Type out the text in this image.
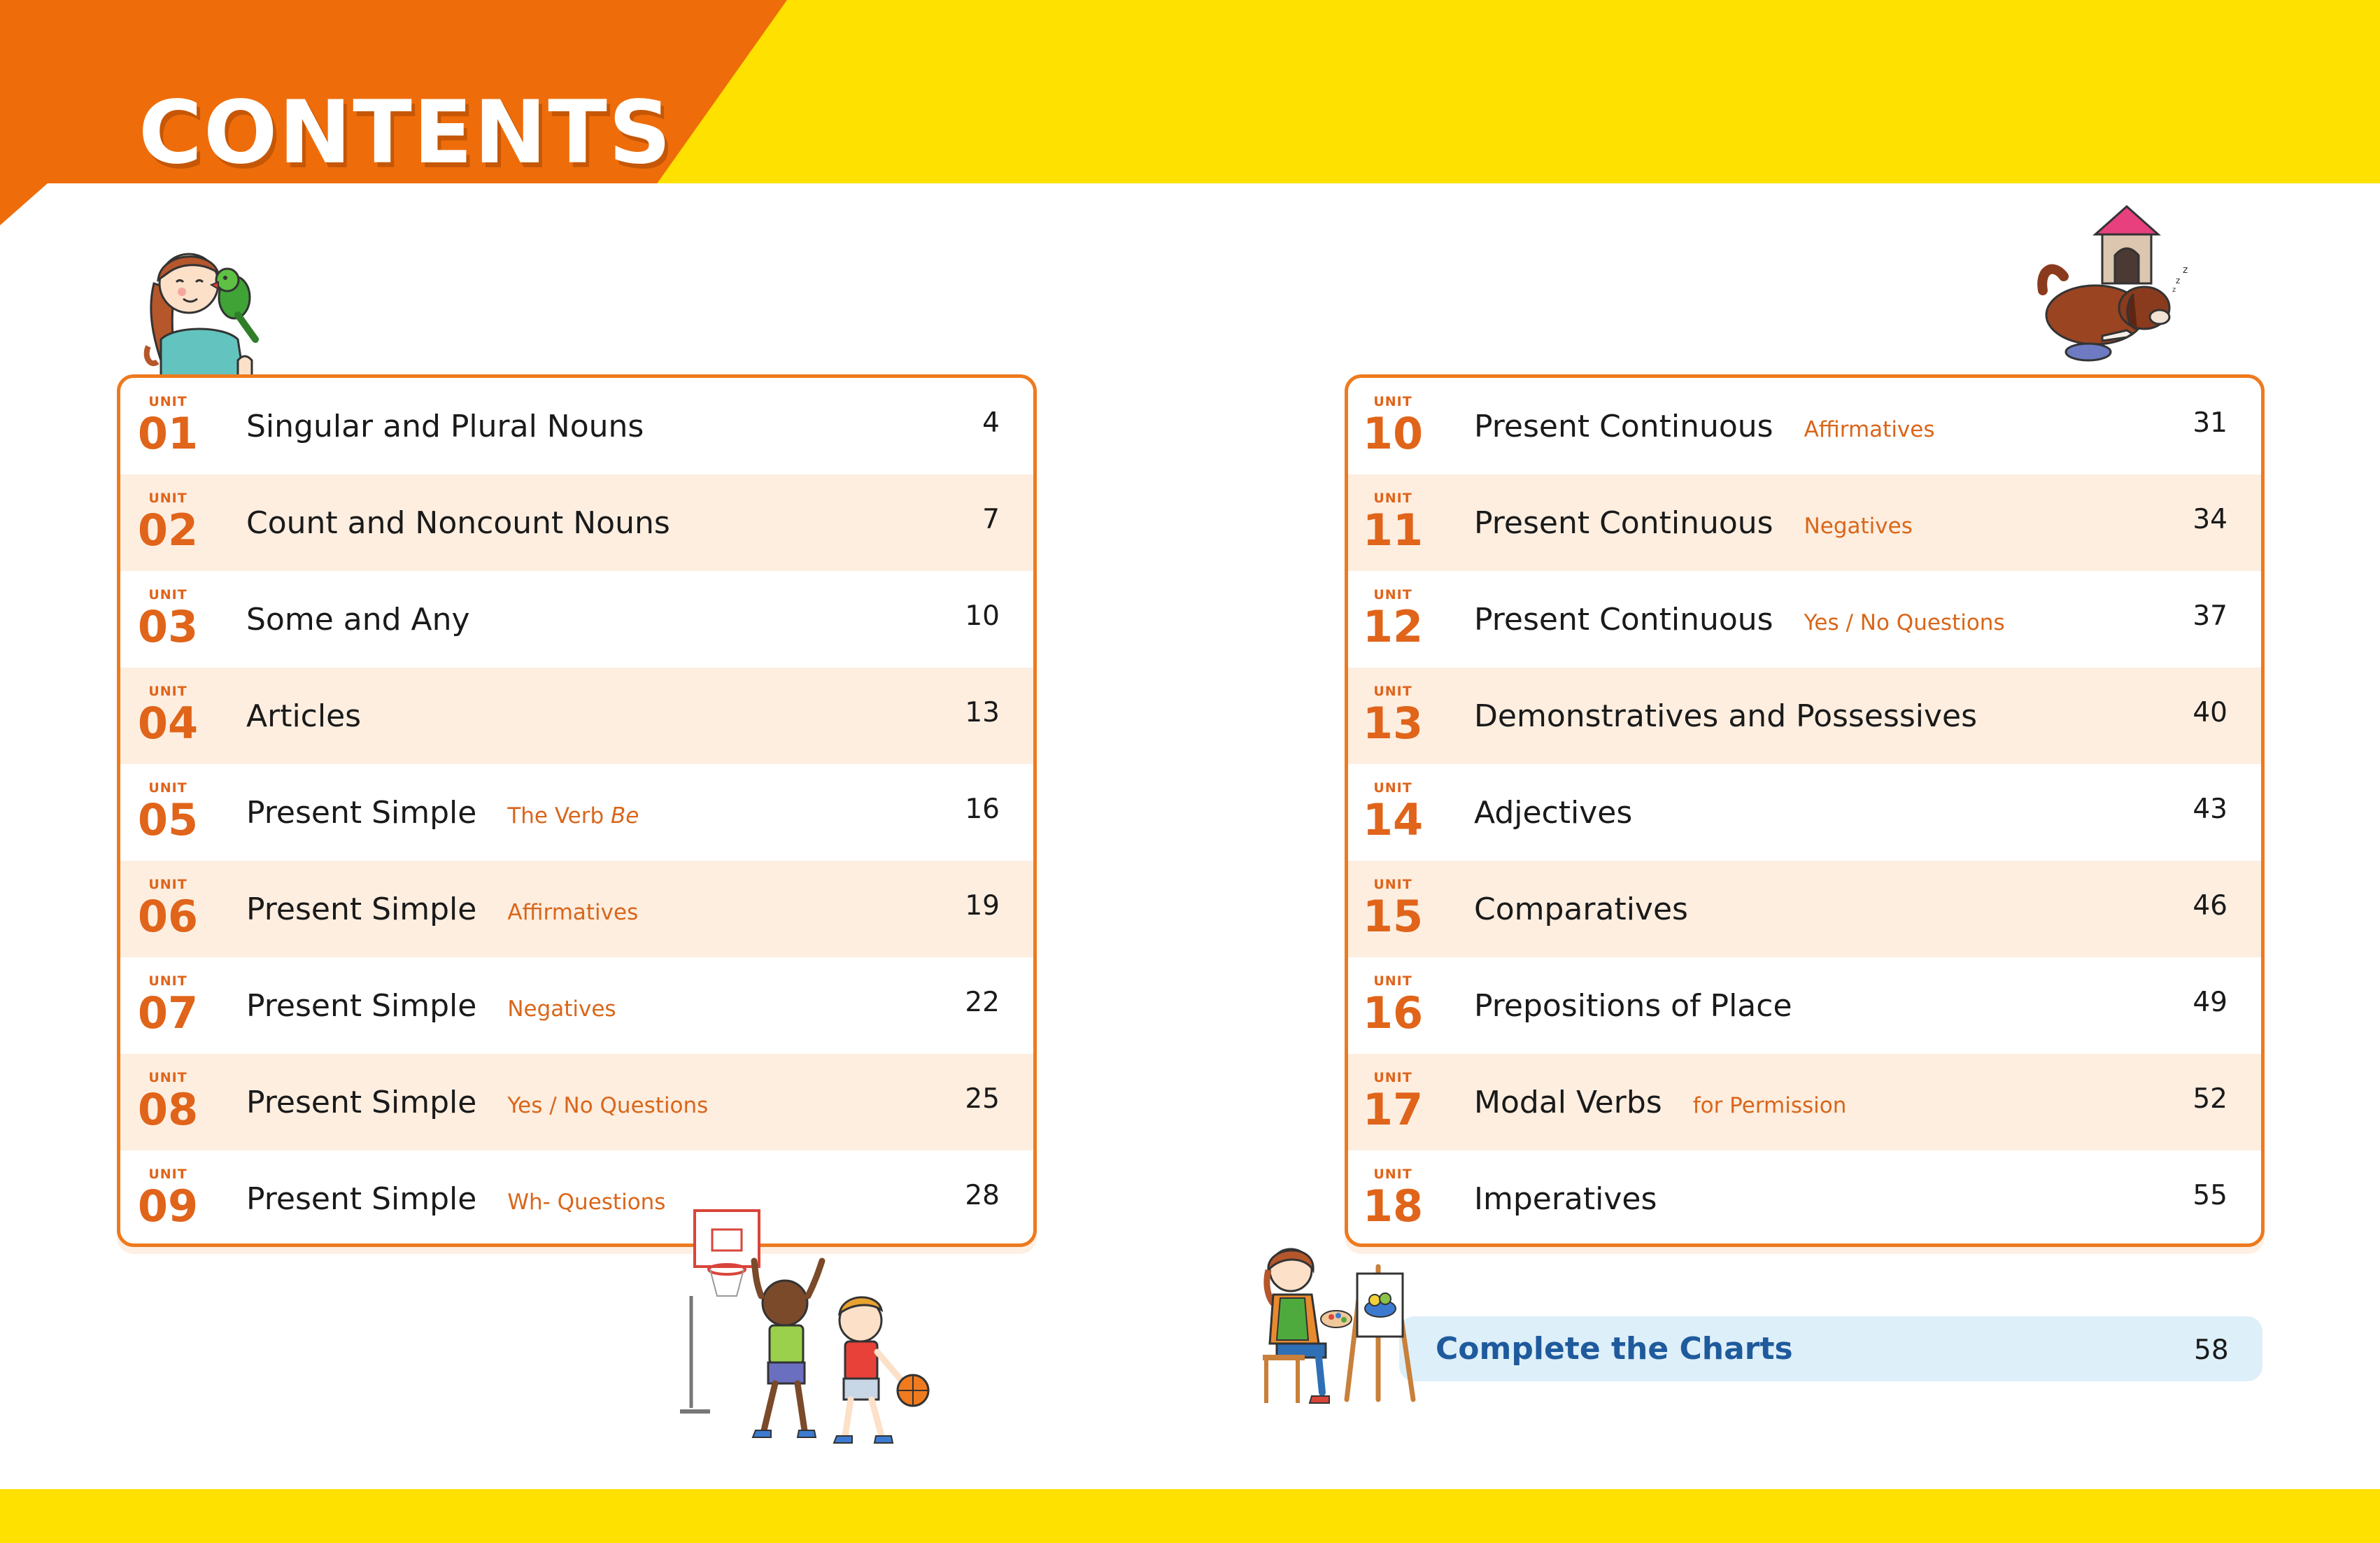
CONTENTS
z
z
z
UNIT
01	Singular and Plural Nouns	4
UNIT
02	Count and Noncount Nouns	7
UNIT
03	Some and Any	10
UNIT
04	Articles	13
UNIT
05	Present Simple The Verb Be	16
UNIT
06	Present Simple Affirmatives	19
UNIT
07	Present Simple Negatives	22
UNIT
08	Present Simple Yes / No Questions	25
UNIT
09	Present Simple Wh- Questions	28
UNIT
10	Present Continuous Affirmatives	31
UNIT
11	Present Continuous Negatives	34
UNIT
12	Present Continuous Yes / No Questions	37
UNIT
13	Demonstratives and Possessives	40
UNIT
14	Adjectives	43
UNIT
15	Comparatives	46
UNIT
16	Prepositions of Place	49
UNIT
17	Modal Verbs for Permission	52
UNIT
18	Imperatives	55
Complete the Charts	58
